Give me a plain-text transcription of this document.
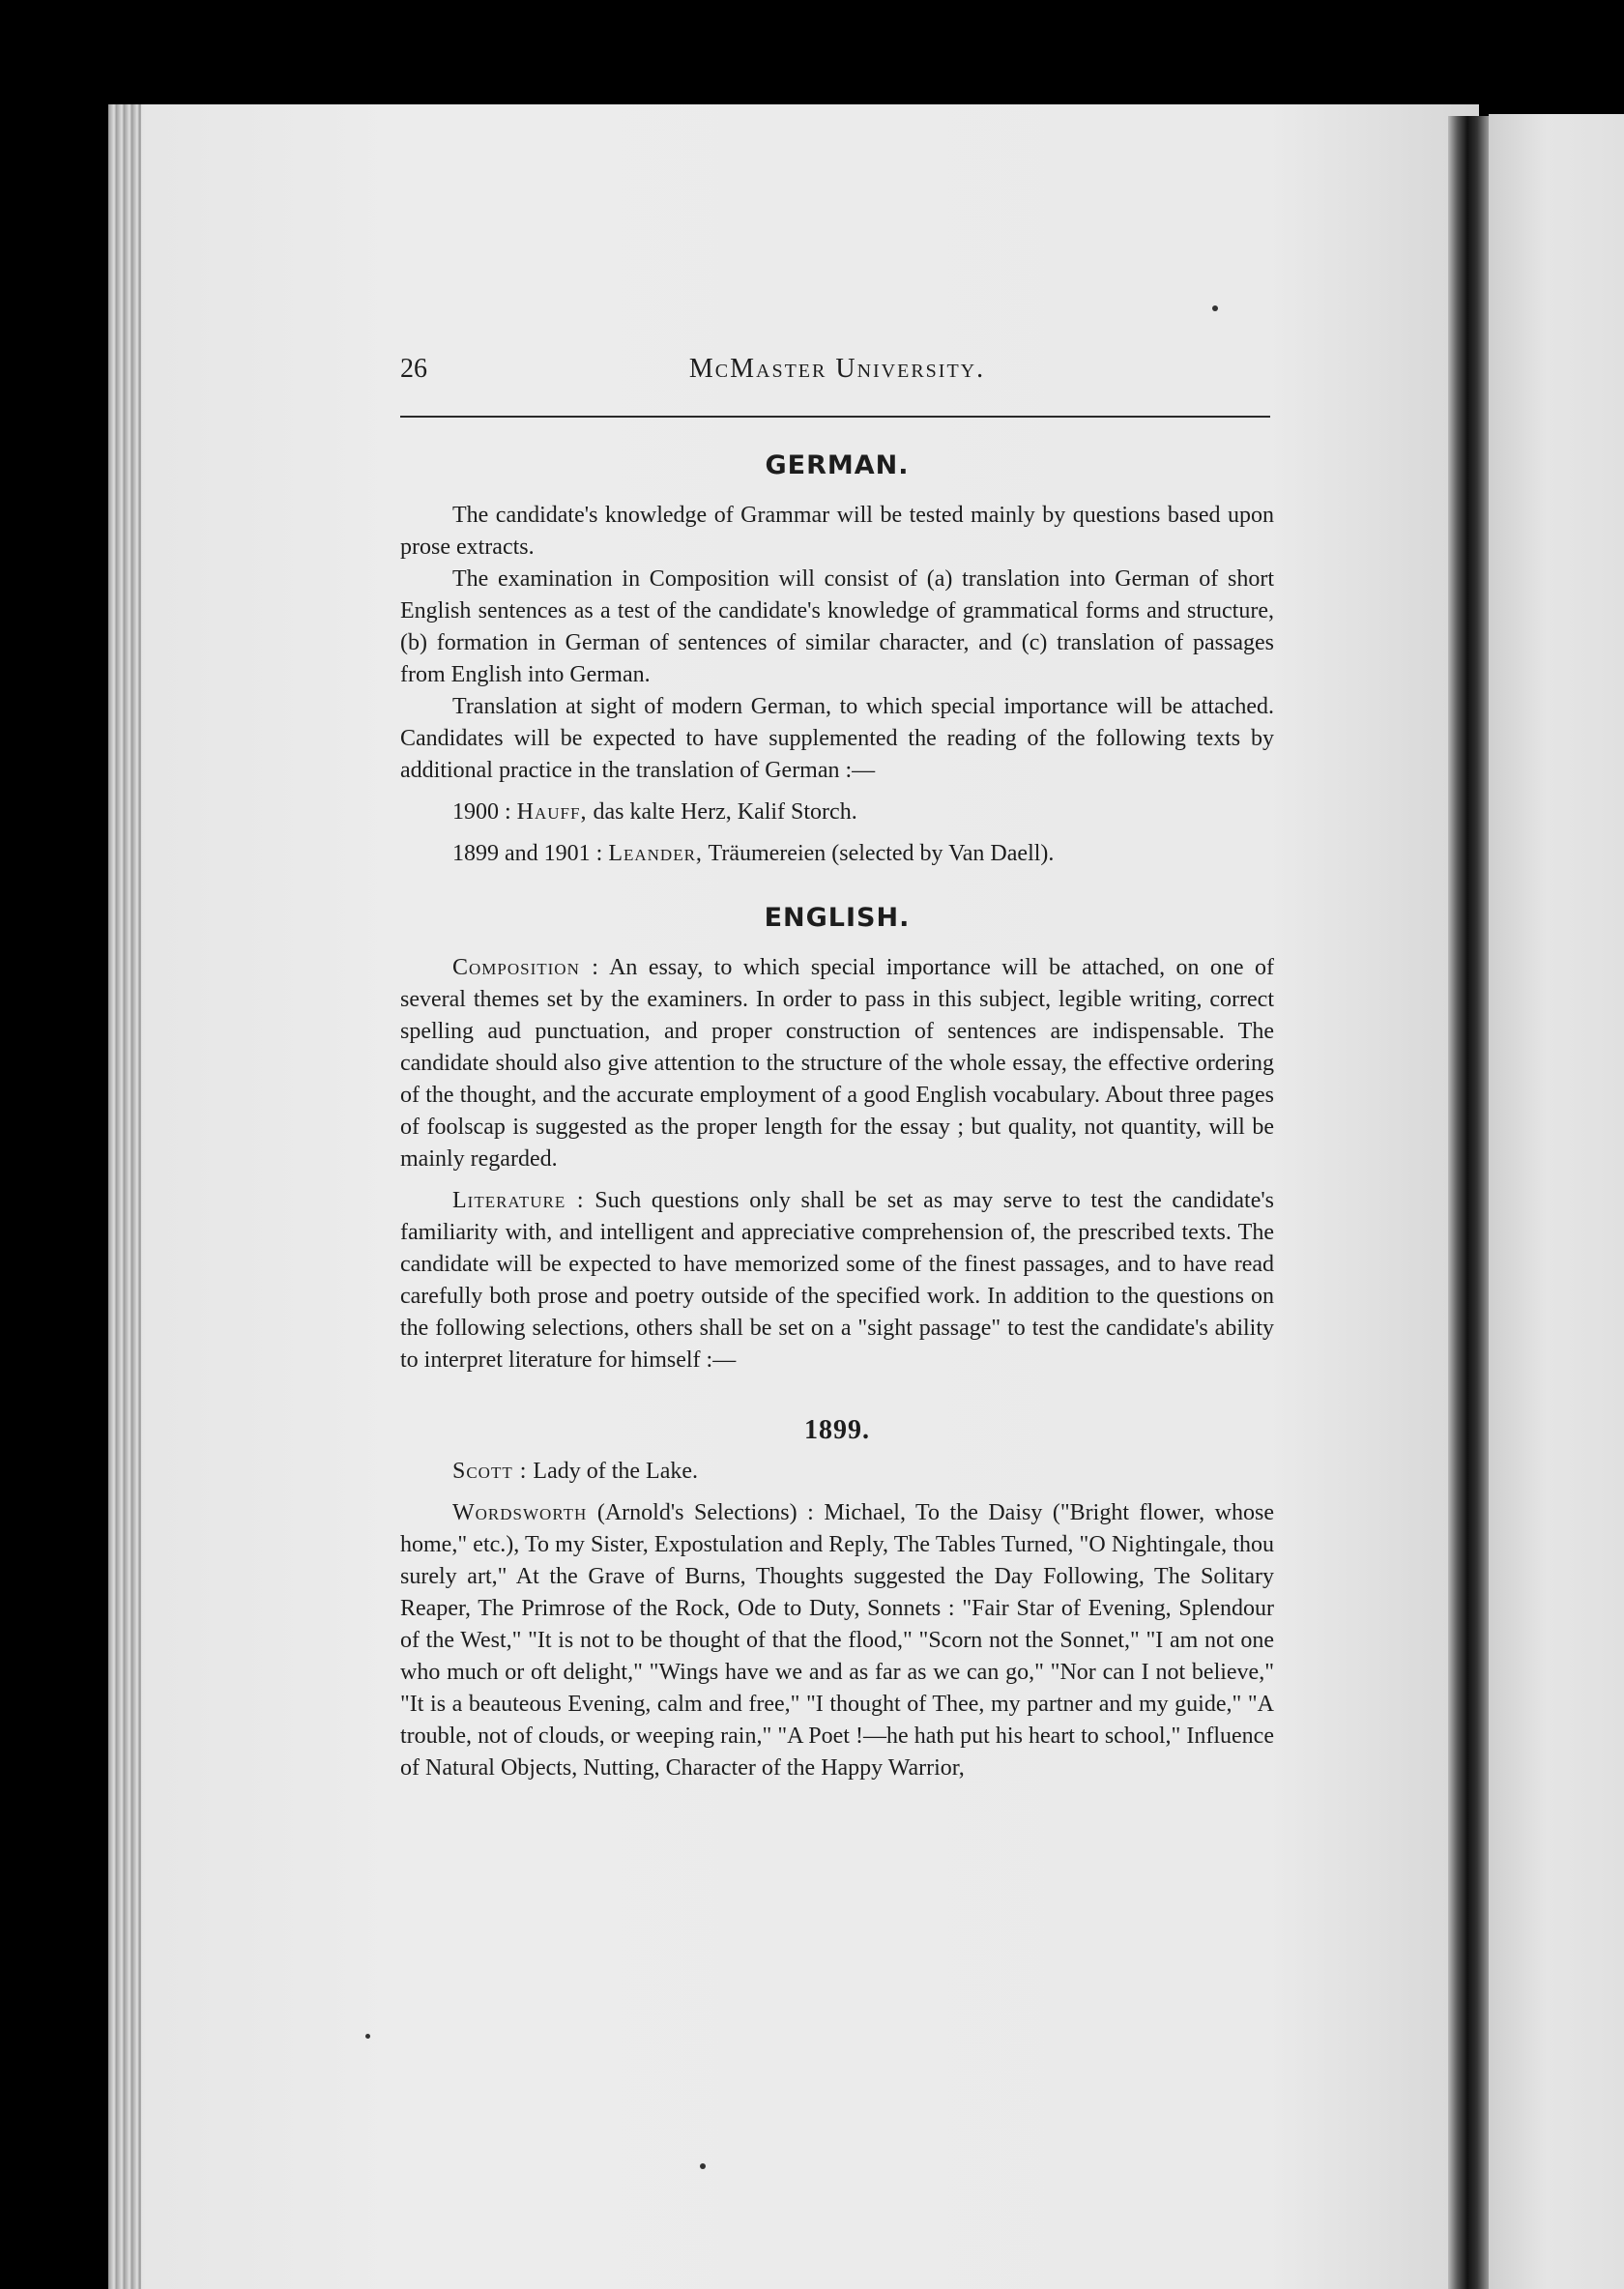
26	McMaster University.
GERMAN.

The candidate's knowledge of Grammar will be tested mainly by questions based upon prose extracts.

The examination in Composition will consist of (a) translation into German of short English sentences as a test of the candidate's knowledge of grammatical forms and structure, (b) formation in German of sentences of similar character, and (c) translation of passages from English into German.

Translation at sight of modern German, to which special importance will be attached. Candidates will be expected to have supplemented the reading of the following texts by additional practice in the translation of German :—

1900 : Hauff, das kalte Herz, Kalif Storch.

1899 and 1901 : Leander, Träumereien (selected by Van Daell).

ENGLISH.

Composition : An essay, to which special importance will be attached, on one of several themes set by the examiners. In order to pass in this subject, legible writing, correct spelling aud punctuation, and proper construction of sentences are indispensable. The candidate should also give attention to the structure of the whole essay, the effective ordering of the thought, and the accurate employment of a good English vocabulary. About three pages of foolscap is suggested as the proper length for the essay ; but quality, not quantity, will be mainly regarded.

Literature : Such questions only shall be set as may serve to test the candidate's familiarity with, and intelligent and appreciative comprehension of, the prescribed texts. The candidate will be expected to have memorized some of the finest passages, and to have read carefully both prose and poetry outside of the specified work. In addition to the questions on the following selections, others shall be set on a "sight passage" to test the candidate's ability to interpret literature for himself :—

1899.

Scott : Lady of the Lake.

Wordsworth (Arnold's Selections) : Michael, To the Daisy ("Bright flower, whose home," etc.), To my Sister, Expostulation and Reply, The Tables Turned, "O Nightingale, thou surely art," At the Grave of Burns, Thoughts suggested the Day Following, The Solitary Reaper, The Primrose of the Rock, Ode to Duty, Sonnets : "Fair Star of Evening, Splendour of the West," "It is not to be thought of that the flood," "Scorn not the Sonnet," "I am not one who much or oft delight," "Wings have we and as far as we can go," "Nor can I not believe," "It is a beauteous Evening, calm and free," "I thought of Thee, my partner and my guide," "A trouble, not of clouds, or weeping rain," "A Poet !—he hath put his heart to school," Influence of Natural Objects, Nutting, Character of the Happy Warrior,
